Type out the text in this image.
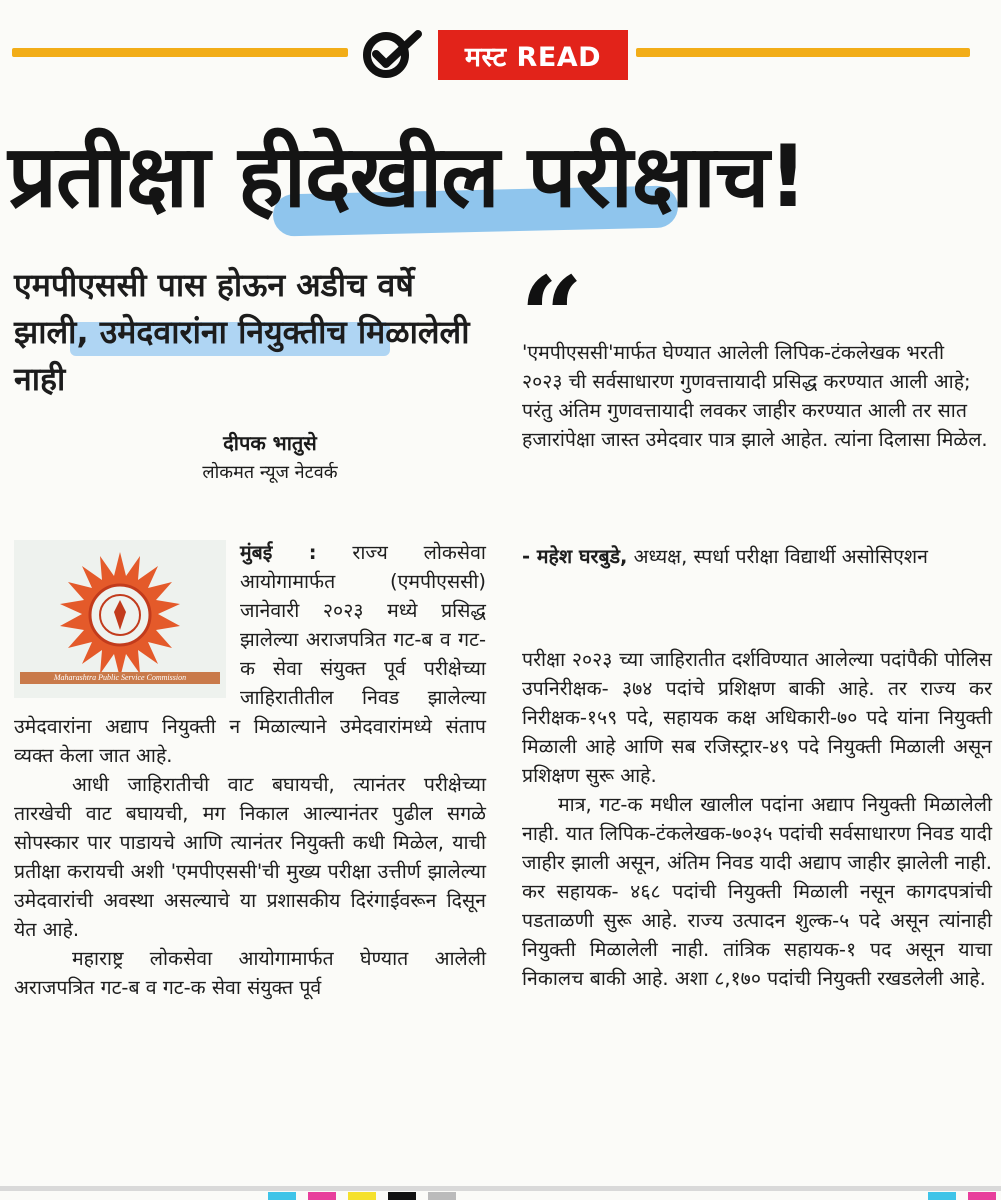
मस्ट READ
प्रतीक्षा हीदेखील परीक्षाच!
एमपीएससी पास होऊन अडीच वर्षे झाली, उमेदवारांना नियुक्तीच मिळालेली नाही
दीपक भातुसे
लोकमत न्यूज नेटवर्क
“
'एमपीएससी'मार्फत घेण्यात आलेली लिपिक-टंकलेखक भरती २०२३ ची सर्वसाधारण गुणवत्तायादी प्रसिद्ध करण्यात आली आहे; परंतु अंतिम गुणवत्तायादी लवकर जाहीर करण्यात आली तर सात हजारांपेक्षा जास्त उमेदवार पात्र झाले आहेत. त्यांना दिलासा मिळेल.
- महेश घरबुडे, अध्यक्ष, स्पर्धा परीक्षा विद्यार्थी असोसिएशन
Maharashtra Public Service Commission

मुंबई : राज्य लोकसेवा आयोगामार्फत (एमपीएससी) जानेवारी २०२३ मध्ये प्रसिद्ध झालेल्या अराजपत्रित गट-ब व गट-क सेवा संयुक्त पूर्व परीक्षेच्या जाहिरातीतील निवड झालेल्या उमेदवारांना अद्याप नियुक्ती न मिळाल्याने उमेदवारांमध्ये संताप व्यक्त केला जात आहे.

आधी जाहिरातीची वाट बघायची, त्यानंतर परीक्षेच्या तारखेची वाट बघायची, मग निकाल आल्यानंतर पुढील सगळे सोपस्कार पार पाडायचे आणि त्यानंतर नियुक्ती कधी मिळेल, याची प्रतीक्षा करायची अशी 'एमपीएससी'ची मुख्य परीक्षा उत्तीर्ण झालेल्या उमेदवारांची अवस्था असल्याचे या प्रशासकीय दिरंगाईवरून दिसून येत आहे.

महाराष्ट्र लोकसेवा आयोगामार्फत घेण्यात आलेली अराजपत्रित गट-ब व गट-क सेवा संयुक्त पूर्व

परीक्षा २०२३ च्या जाहिरातीत दर्शविण्यात आलेल्या पदांपैकी पोलिस उपनिरीक्षक- ३७४ पदांचे प्रशिक्षण बाकी आहे. तर राज्य कर निरीक्षक-१५९ पदे, सहायक कक्ष अधिकारी-७० पदे यांना नियुक्ती मिळाली आहे आणि सब रजिस्ट्रार-४९ पदे नियुक्ती मिळाली असून प्रशिक्षण सुरू आहे.

मात्र, गट-क मधील खालील पदांना अद्याप नियुक्ती मिळालेली नाही. यात लिपिक-टंकलेखक-७०३५ पदांची सर्वसाधारण निवड यादी जाहीर झाली असून, अंतिम निवड यादी अद्याप जाहीर झालेली नाही. कर सहायक- ४६८ पदांची नियुक्ती मिळाली नसून कागदपत्रांची पडताळणी सुरू आहे. राज्य उत्पादन शुल्क-५ पदे असून त्यांनाही नियुक्ती मिळालेली नाही. तांत्रिक सहायक-१ पद असून याचा निकालच बाकी आहे. अशा ८,१७० पदांची नियुक्ती रखडलेली आहे.
